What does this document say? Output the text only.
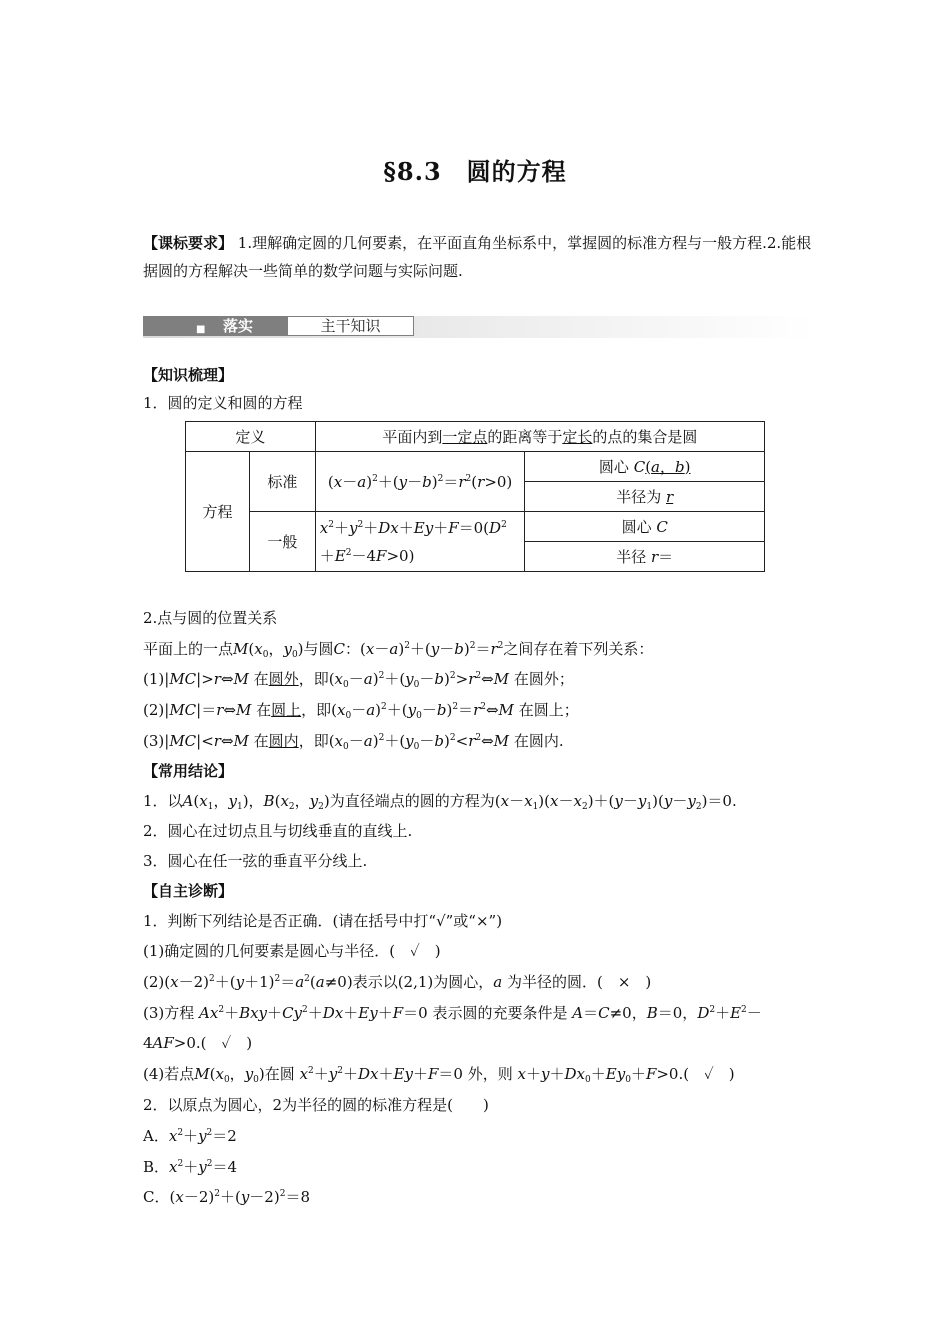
§8.3　圆的方程
【课标要求】 1.理解确定圆的几何要素，在平面直角坐标系中，掌握圆的标准方程与一般方程.2.能根据圆的方程解决一些简单的数学问题与实际问题.
■ 落实	主干知识
【知识梳理】
1．圆的定义和圆的方程
定义		平面内到一定点的距离等于定长的点的集合是圆	
方程	标准	$(x-a)^2+(y-b)^2=r^2(r>0)$	圆心 C(a，b)
			半径为 r
	一般	$x^2+y^2+Dx+Ey+F=0(D^2$
$+E^2-4F>0$)	圆心 C
			半径 r＝
2.点与圆的位置关系
平面上的一点$M(x_0$，$y_0$)与圆C：$(x-a)^2+(y-b)^2=r^2$之间存在着下列关系：
(1)|MC|>r⇔M 在圆外，即$(x_0-a)^2+(y_0-b)^2>r^2\Leftrightarrow M$ 在圆外；
(2)|MC|＝r⇔M 在圆上，即$(x_0-a)^2+(y_0-b)^2=r^2\Leftrightarrow M$ 在圆上；
(3)|MC|<r⇔M 在圆内，即$(x_0-a)^2+(y_0-b)^2<r^2\Leftrightarrow M$ 在圆内.
【常用结论】
1．以$A(x_1$，$y_1$)，$B(x_2$，$y_2$)为直径端点的圆的方程为$(x-x_1)(x-x_2)+(y-y_1)(y-y_2)=0$.
2．圆心在过切点且与切线垂直的直线上.
3．圆心在任一弦的垂直平分线上.
【自主诊断】
1．判断下列结论是否正确．(请在括号中打“√”或“×”)
(1)确定圆的几何要素是圆心与半径．(　✓　)
$(2)(x-2)^2+(y+1)^2=a^2(a\ne 0)$表示以(2,1)为圆心，a 为半径的圆．(　×　)
(3)方程 $Ax^2+Bxy+Cy^2+Dx+Ey+F=0$ 表示圆的充要条件是 A＝C≠0，B＝0，$D^2+E^2-$
4AF>0.(　✓　)
(4)若点$M(x_0$，$y_0$)在圆 $x^2+y^2+Dx+Ey+F=0$ 外，则 $x+y+Dx_0+Ey_0+F>0$.(　✓　)
2．以原点为圆心，2为半径的圆的标准方程是(　　)
A．$x^2+y^2=2$
B．$x^2+y^2=4$
C．$(x-2)^2+(y-2)^2=8$
